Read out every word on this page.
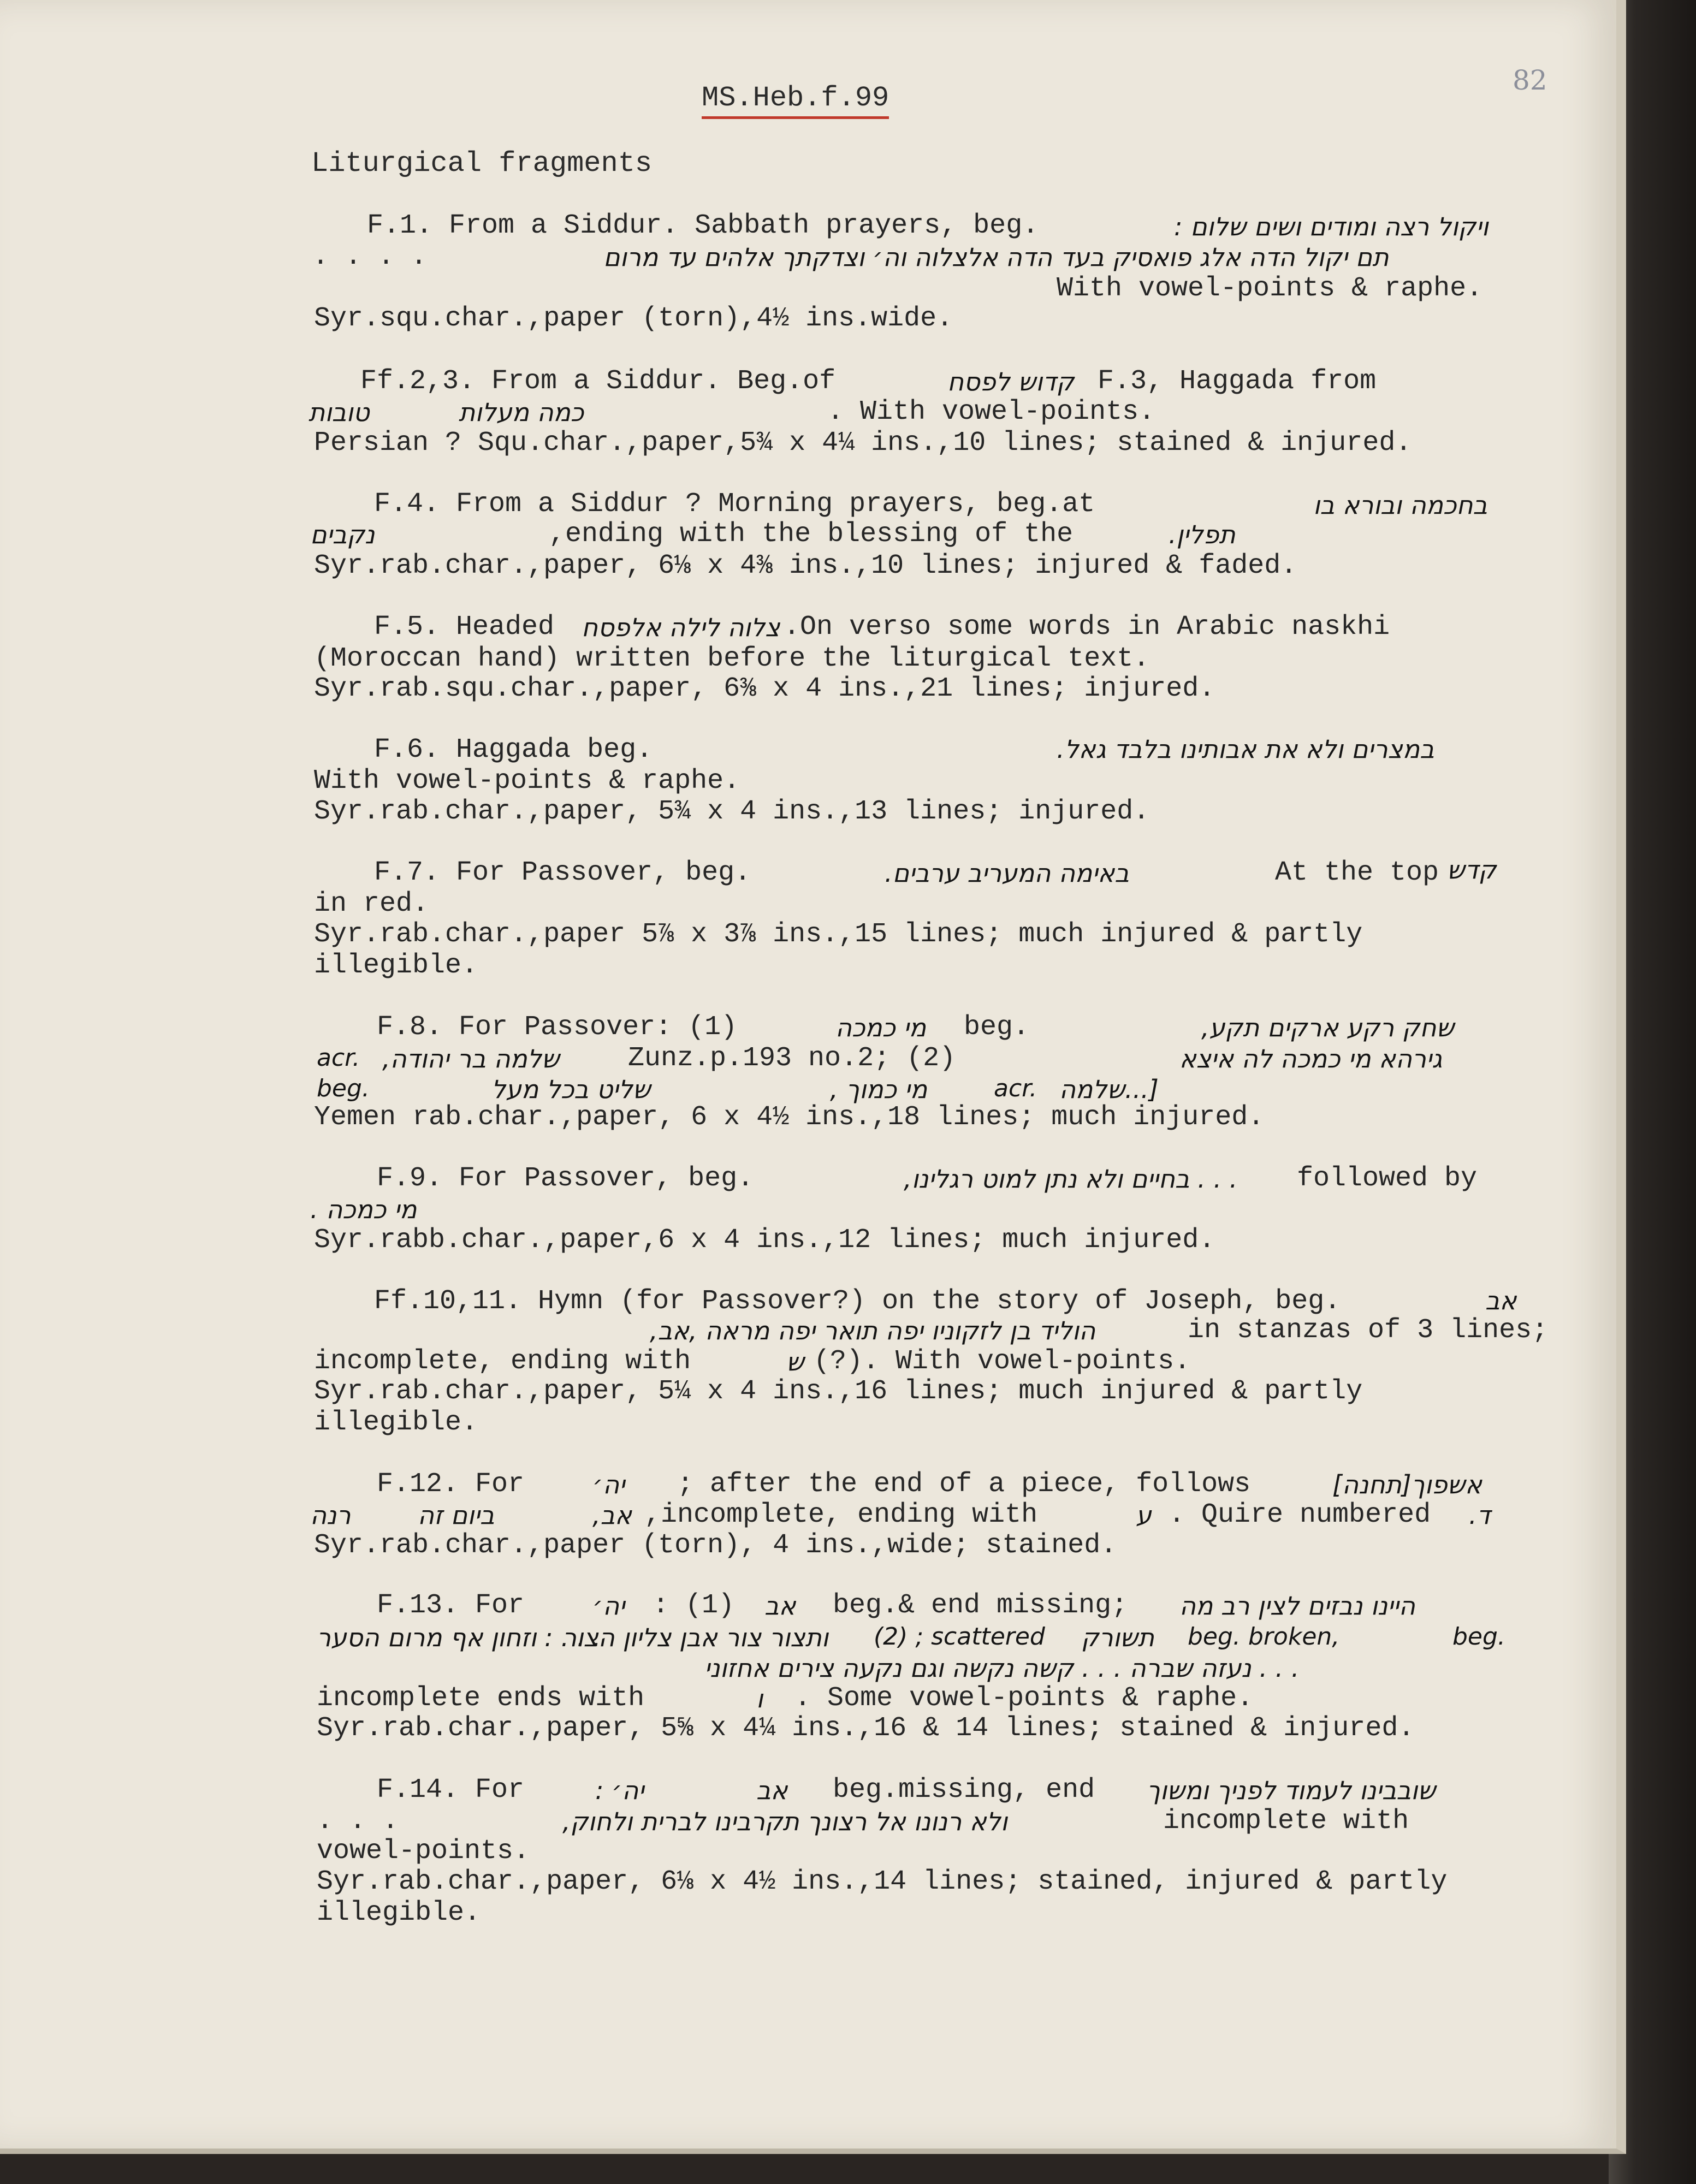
82
MS.Heb.f.99
Liturgical fragments
F.1. From a Siddur. Sabbath prayers, beg.	ויקול רצה ומודים ושים שלום :
. . . .	תם יקול הדה אלג פואסיק בעד הדה אלצלוה וה׳ וצדקתך אלהים עד מרום
With vowel-points & raphe.
Syr.squ.char.,paper (torn),4½ ins.wide.
Ff.2,3. From a Siddur. Beg.of	קדוש לפסח F.3, Haggada from
טובות	כמה מעלות	. With vowel-points.
Persian ? Squ.char.,paper,5¾ x 4¼ ins.,10 lines; stained & injured.
F.4. From a Siddur ? Morning prayers, beg.at	בחכמה ובורא בו
נקבים	,ending with the blessing of the	תפלין.
Syr.rab.char.,paper, 6⅛ x 4⅜ ins.,10 lines; injured & faded.
F.5. Headed צלוה לילה אלפסח .On verso some words in Arabic naskhi
(Moroccan hand) written before the liturgical text.
Syr.rab.squ.char.,paper, 6⅜ x 4 ins.,21 lines; injured.
F.6. Haggada beg.	במצרים ולא את אבותינו בלבד גאל.
With vowel-points & raphe.
Syr.rab.char.,paper, 5¾ x 4 ins.,13 lines; injured.
F.7. For Passover, beg.	באימה המעריב ערבים.	At the top קדש
in red.
Syr.rab.char.,paper 5⅞ x 3⅞ ins.,15 lines; much injured & partly
illegible.
F.8. For Passover: (1)	מי כמכה beg.	שחק רקע ארקים תקע,
acr. שלמה בר יהודה,	Zunz.p.193 no.2; (2)	גירהא מי כמכה לה איצא
beg.	שליט בכל מעל	מי כמוך ,	acr. [...שלמה
Yemen rab.char.,paper, 6 x 4½ ins.,18 lines; much injured.
F.9. For Passover, beg.	. . . בחיים ולא נתן למוט רגלינו, followed by
מי כמכה .
Syr.rabb.char.,paper,6 x 4 ins.,12 lines; much injured.
Ff.10,11. Hymn (for Passover?) on the story of Joseph, beg.	אב
הוליד בן לזקוניו יפה תואר יפה מראה ,אב,	in stanzas of 3 lines;
incomplete, ending with	ש (?). With vowel-points.
Syr.rab.char.,paper, 5¼ x 4 ins.,16 lines; much injured & partly
illegible.
F.12. For	יה׳ ; after the end of a piece, follows	אשפוך[תחנה]
רנה	ביום זה	אב, ,incomplete, ending with	ע . Quire numbered ד.
Syr.rab.char.,paper (torn), 4 ins.,wide; stained.
F.13. For	יה׳ : (1) אב beg.& end missing; היינו נבזים לצין רב מה
. . . : וזחון אף מרום הסער
ותצור צור אבן צליון הצור (2) ; scattered תשורק beg. broken,	beg.
. . . נעזה שברה . . . קשה נקשה וגם נקעה צירים אחזוני
incomplete ends with	ו . Some vowel-points & raphe.
Syr.rab.char.,paper, 5⅝ x 4¼ ins.,16 & 14 lines; stained & injured.
F.14. For	יה׳ :	אב beg.missing, end שובבינו לעמוד לפניך ומשוך
. . .	ולא רנונו אל רצונך תקרבינו לברית ולחוק,	incomplete with
vowel-points.
Syr.rab.char.,paper, 6⅛ x 4½ ins.,14 lines; stained, injured & partly
illegible.
